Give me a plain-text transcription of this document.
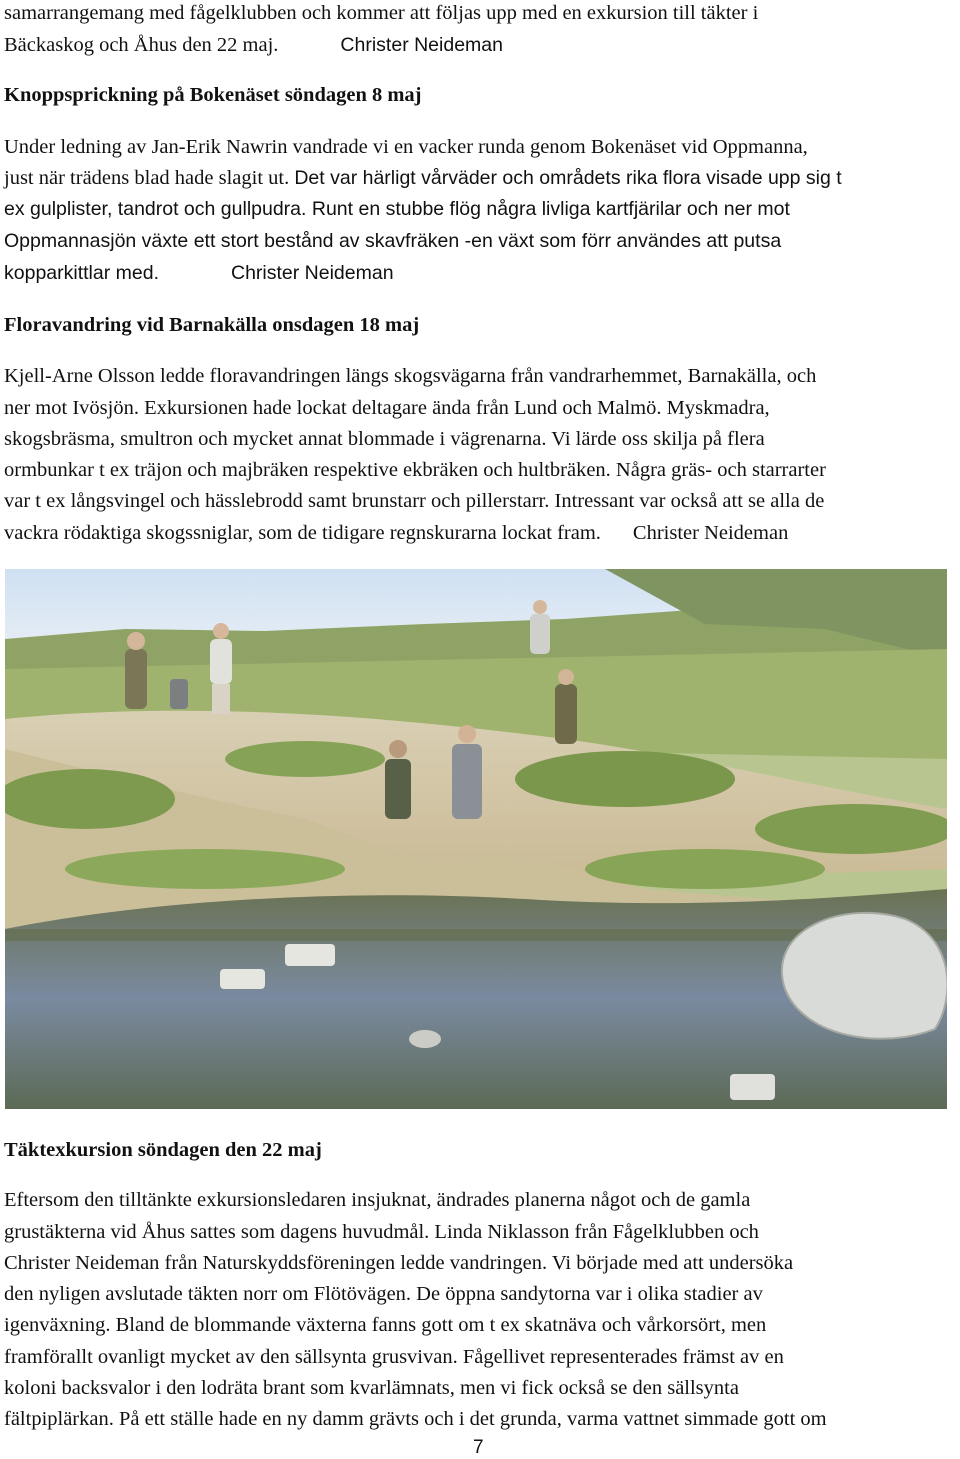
samarrangemang med fågelklubben och kommer att följas upp med en exkursion till täkter i
Bäckaskog och Åhus den 22 maj.	Christer Neideman
Knoppsprickning på Bokenäset söndagen 8 maj
Under ledning av Jan-Erik Nawrin vandrade vi en vacker runda genom Bokenäset vid Oppmanna,
just när trädens blad hade slagit ut. Det var härligt vårväder och områdets rika flora visade upp sig t
ex gulplister, tandrot och gullpudra. Runt en stubbe flög några livliga kartfjärilar och ner mot
Oppmannasjön växte ett stort bestånd av skavfräken -en växt som förr användes att putsa
kopparkittlar med.	Christer Neideman
Floravandring vid Barnakälla onsdagen 18 maj
Kjell-Arne Olsson ledde floravandringen längs skogsvägarna från vandrarhemmet, Barnakälla, och
ner mot Ivösjön. Exkursionen hade lockat deltagare ända från Lund och Malmö. Myskmadra,
skogsbräsma, smultron och mycket annat blommade i vägrenarna. Vi lärde oss skilja på flera
ormbunkar t ex träjon och majbräken respektive ekbräken och hultbräken. Några gräs- och starrarter
var t ex långsvingel och hässlebrodd samt brunstarr och pillerstarr. Intressant var också att se alla de
vackra rödaktiga skogssniglar, som de tidigare regnskurarna lockat fram. Christer Neideman
Täktexkursion söndagen den 22 maj
Eftersom den tilltänkte exkursionsledaren insjuknat, ändrades planerna något och de gamla
grustäkterna vid Åhus sattes som dagens huvudmål. Linda Niklasson från Fågelklubben och
Christer Neideman från Naturskyddsföreningen ledde vandringen. Vi började med att undersöka
den nyligen avslutade täkten norr om Flötövägen. De öppna sandytorna var i olika stadier av
igenväxning. Bland de blommande växterna fanns gott om t ex skatnäva och vårkorsört, men
framförallt ovanligt mycket av den sällsynta grusvivan. Fågellivet representerades främst av en
koloni backsvalor i den lodräta brant som kvarlämnats, men vi fick också se den sällsynta
fältpiplärkan. På ett ställe hade en ny damm grävts och i det grunda, varma vattnet simmade gott om
7
